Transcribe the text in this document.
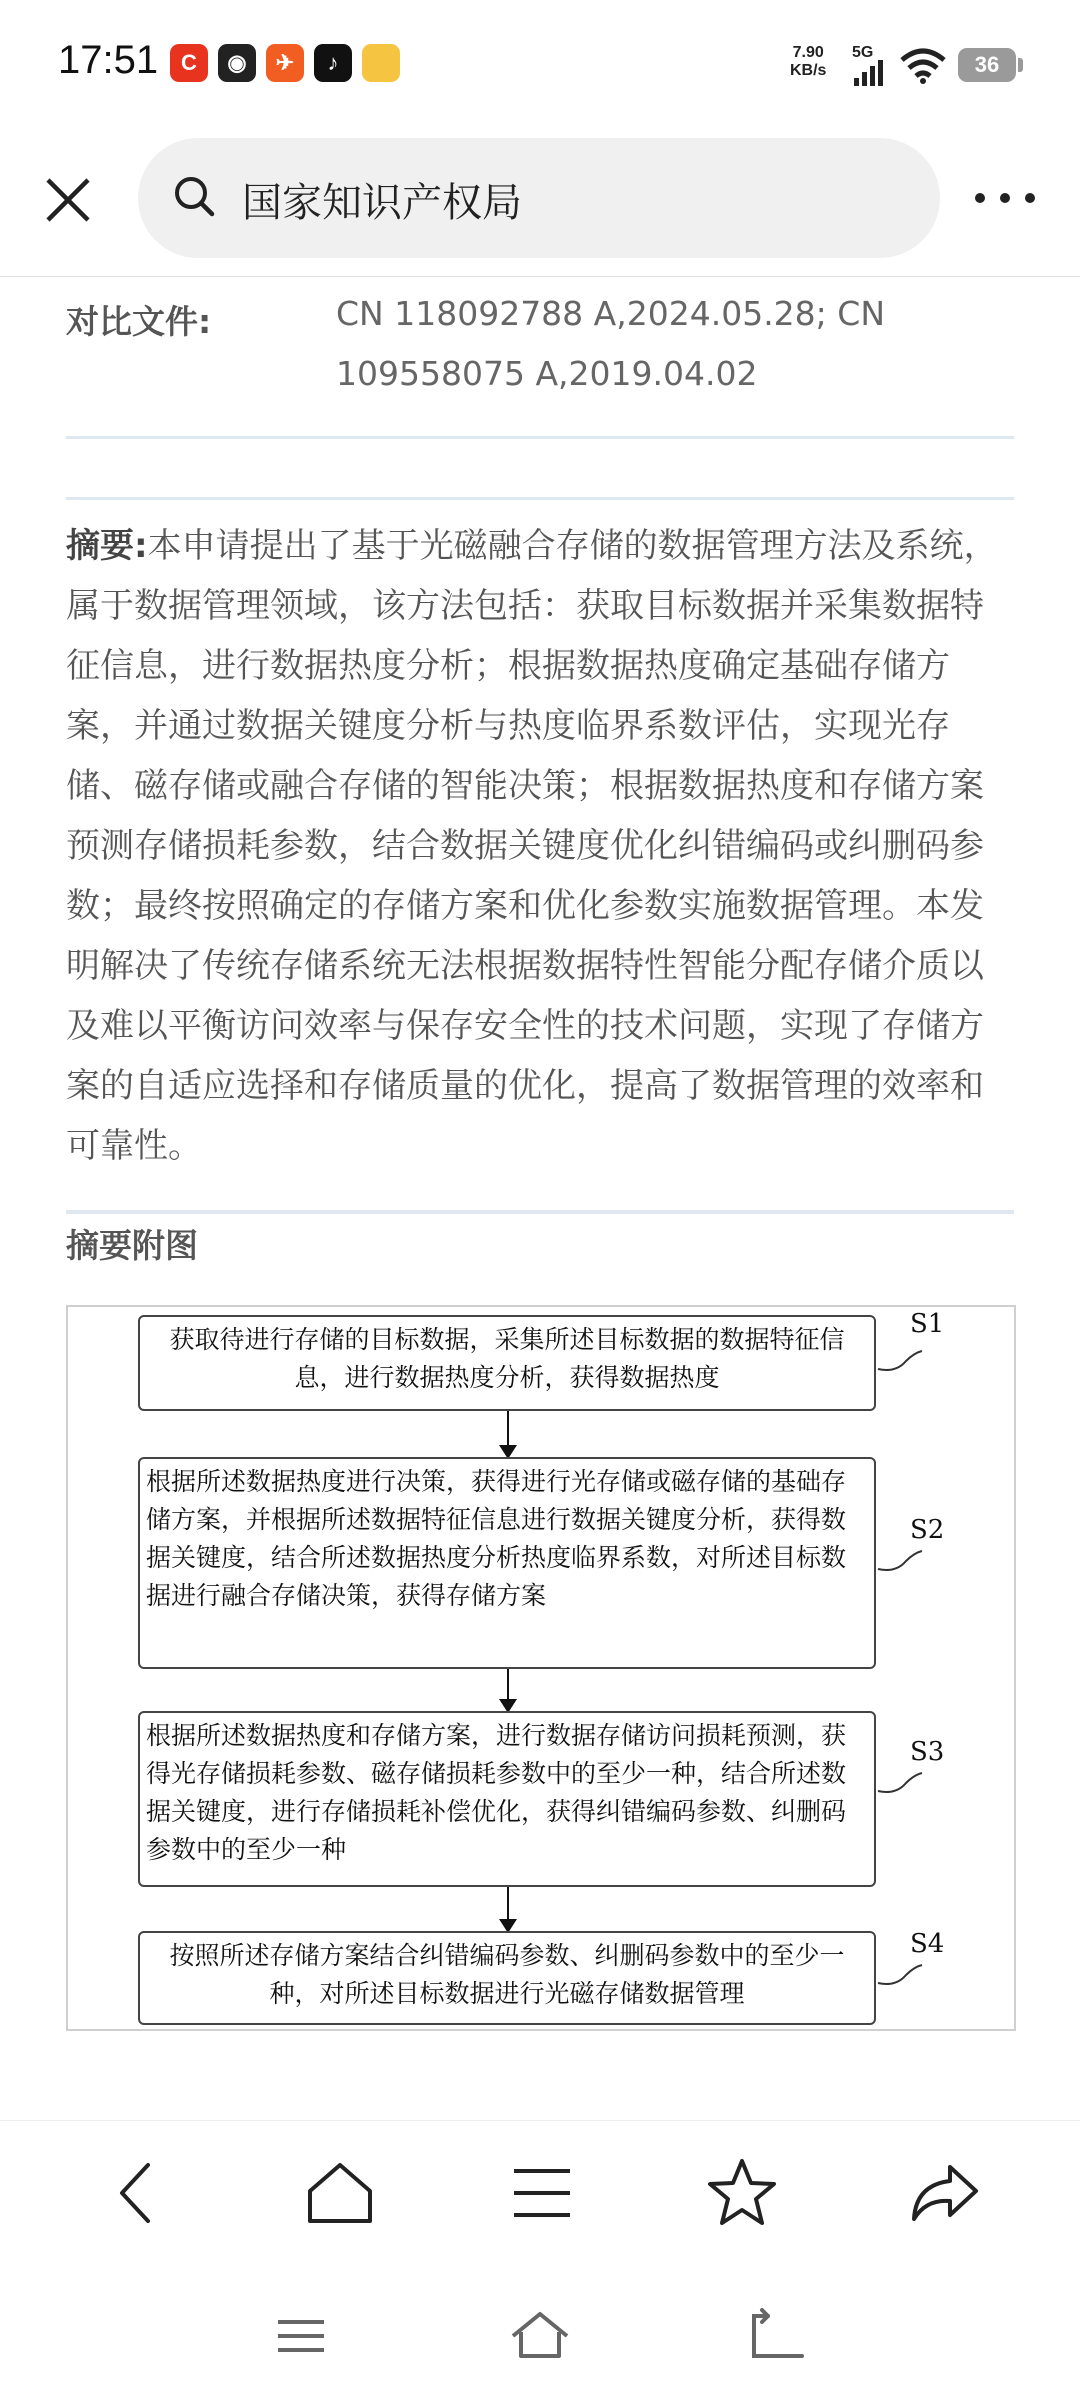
17:51	C	◉	✈	♪	7.90
KB/s
5G	36
国家知识产权局
对比文件:	CN 118092788 A,2024.05.28; CN
109558075 A,2019.04.02
摘要:本申请提出了基于光磁融合存储的数据管理方法及系统，属于数据管理领域，该方法包括：获取目标数据并采集数据特征信息，进行数据热度分析；根据数据热度确定基础存储方案，并通过数据关键度分析与热度临界系数评估，实现光存储、磁存储或融合存储的智能决策；根据数据热度和存储方案预测存储损耗参数，结合数据关键度优化纠错编码或纠删码参数；最终按照确定的存储方案和优化参数实施数据管理。本发明解决了传统存储系统无法根据数据特性智能分配存储介质以及难以平衡访问效率与保存安全性的技术问题，实现了存储方案的自适应选择和存储质量的优化，提高了数据管理的效率和可靠性。
摘要附图
获取待进行存储的目标数据，采集所述目标数据的数据特征信息，进行数据热度分析，获得数据热度
S1
根据所述数据热度进行决策，获得进行光存储或磁存储的基础存储方案，并根据所述数据特征信息进行数据关键度分析，获得数据关键度，结合所述数据热度分析热度临界系数，对所述目标数据进行融合存储决策，获得存储方案
S2
根据所述数据热度和存储方案，进行数据存储访问损耗预测，获得光存储损耗参数、磁存储损耗参数中的至少一种，结合所述数据关键度，进行存储损耗补偿优化，获得纠错编码参数、纠删码参数中的至少一种
S3
按照所述存储方案结合纠错编码参数、纠删码参数中的至少一种，对所述目标数据进行光磁存储数据管理
S4
